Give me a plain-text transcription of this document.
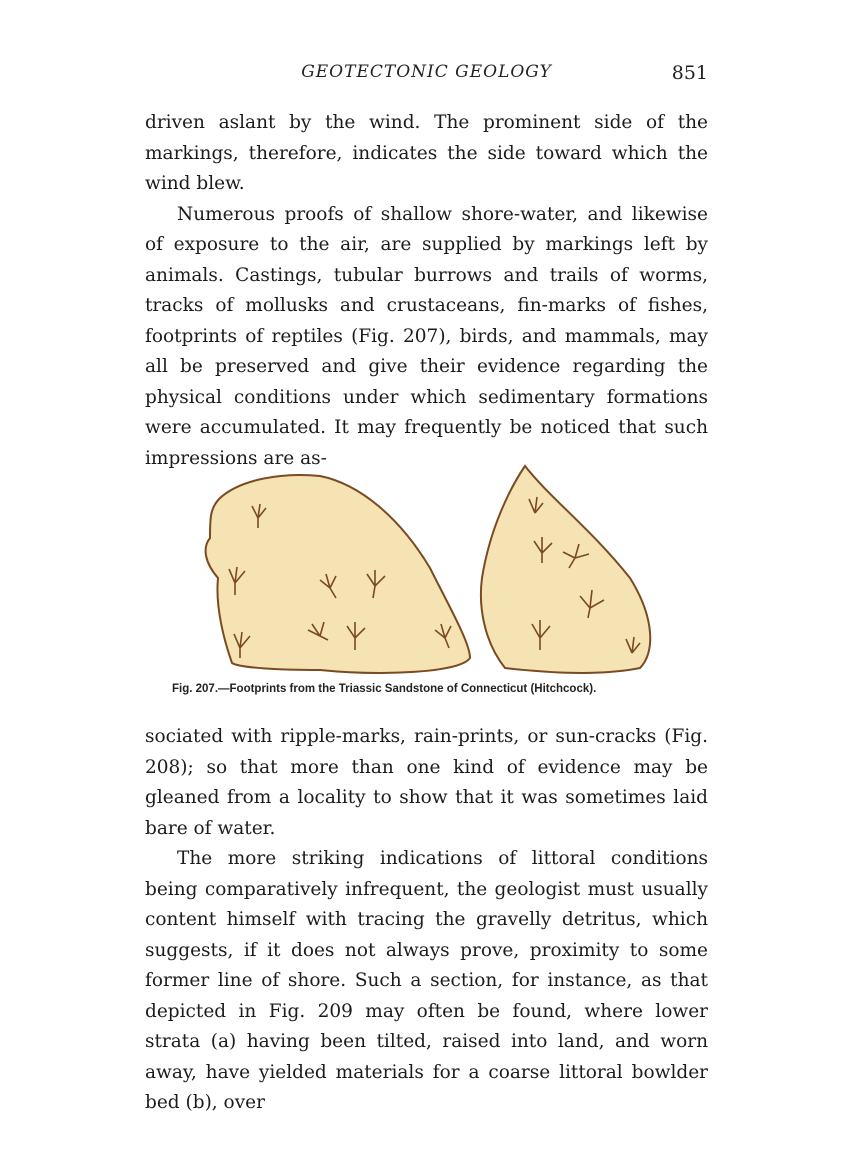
GEOTECTONIC GEOLOGY	851

driven aslant by the wind. The prominent side of the markings, therefore, indicates the side toward which the wind blew.

Numerous proofs of shallow shore-water, and likewise of exposure to the air, are supplied by markings left by animals. Castings, tubular burrows and trails of worms, tracks of mollusks and crustaceans, fin-marks of fishes, footprints of reptiles (Fig. 207), birds, and mammals, may all be preserved and give their evidence regarding the physical conditions under which sedimentary formations were accumulated. It may frequently be noticed that such impressions are as-

Fig. 207.—Footprints from the Triassic Sandstone of Connecticut (Hitchcock).

sociated with ripple-marks, rain-prints, or sun-cracks (Fig. 208); so that more than one kind of evidence may be gleaned from a locality to show that it was sometimes laid bare of water.

The more striking indications of littoral conditions being comparatively infrequent, the geologist must usually content himself with tracing the gravelly detritus, which suggests, if it does not always prove, proximity to some former line of shore. Such a section, for instance, as that depicted in Fig. 209 may often be found, where lower strata (a) having been tilted, raised into land, and worn away, have yielded materials for a coarse littoral bowlder bed (b), over
